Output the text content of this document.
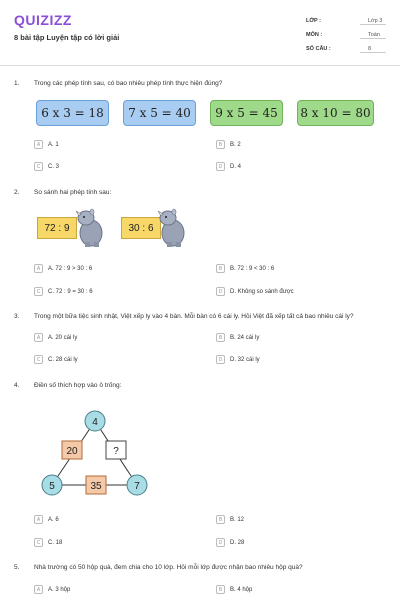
QUIZIZZ
8 bài tập Luyện tập có lời giải
LỚP :	Lớp 3
MÔN :	Toán
SỐ CÂU :	8
1. Trong các phép tính sau, có bao nhiêu phép tính thực hiện đúng?
6 x 3 = 18	7 x 5 = 40	9 x 5 = 45	8 x 10 = 80
A	A. 1	B	B. 2
C	C. 3	D	D. 4
2. So sánh hai phép tính sau:
72 : 9	30 : 6
A	A. 72 : 9 > 30 : 6	B	B. 72 : 9 < 30 : 6
C	C. 72 : 9 = 30 : 6	D	D. Không so sánh được
3. Trong một bữa tiệc sinh nhật, Việt xếp ly vào 4 bàn. Mỗi bàn có 6 cái ly. Hỏi Việt đã xếp tất cả bao nhiêu cái ly?
A	A. 20 cái ly	B	B. 24 cái ly
C	C. 28 cái ly	D	D. 32 cái ly
4. Điền số thích hợp vào ô trống:
4
5	7
20	?
35
A	A. 6	B	B. 12
C	C. 18	D	D. 28
5. Nhà trường có 50 hộp quà, đem chia cho 10 lớp. Hỏi mỗi lớp được nhận bao nhiêu hộp quà?
A	A. 3 hộp	B	B. 4 hộp
